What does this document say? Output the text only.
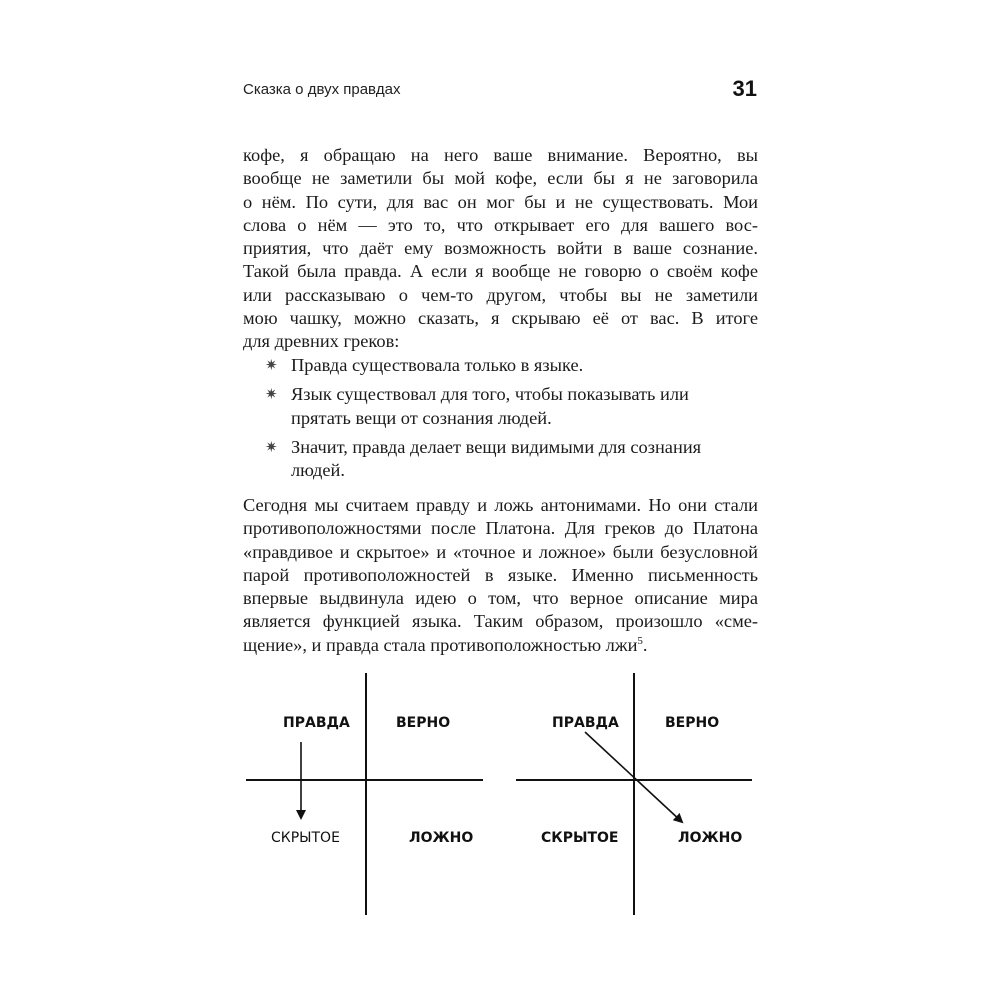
Сказка о двух правдах	31
кофе, я обращаю на него ваше внимание. Вероятно, вы
вообще не заметили бы мой кофе, если бы я не заговорила
о нём. По сути, для вас он мог бы и не существовать. Мои
слова о нём — это то, что открывает его для вашего вос-
приятия, что даёт ему возможность войти в ваше сознание.
Такой была правда. А если я вообще не говорю о своём кофе
или рассказываю о чем-то другом, чтобы вы не заметили
мою чашку, можно сказать, я скрываю её от вас. В итоге
для древних греков:
✷ Правда существовала только в языке.
✷ Язык существовал для того, чтобы показывать или
прятать вещи от сознания людей.
✷ Значит, правда делает вещи видимыми для сознания
людей.
Сегодня мы считаем правду и ложь антонимами. Но они стали
противоположностями после Платона. Для греков до Платона
«правдивое и скрытое» и «точное и ложное» были безусловной
парой противоположностей в языке. Именно письменность
впервые выдвинула идею о том, что верное описание мира
является функцией языка. Таким образом, произошло «сме-
щение», и правда стала противоположностью лжи$^5$.
ПРАВДА	ВЕРНО
СКРЫТОЕ	ЛОЖНО
ПРАВДА	ВЕРНО
СКРЫТОЕ	ЛОЖНО
